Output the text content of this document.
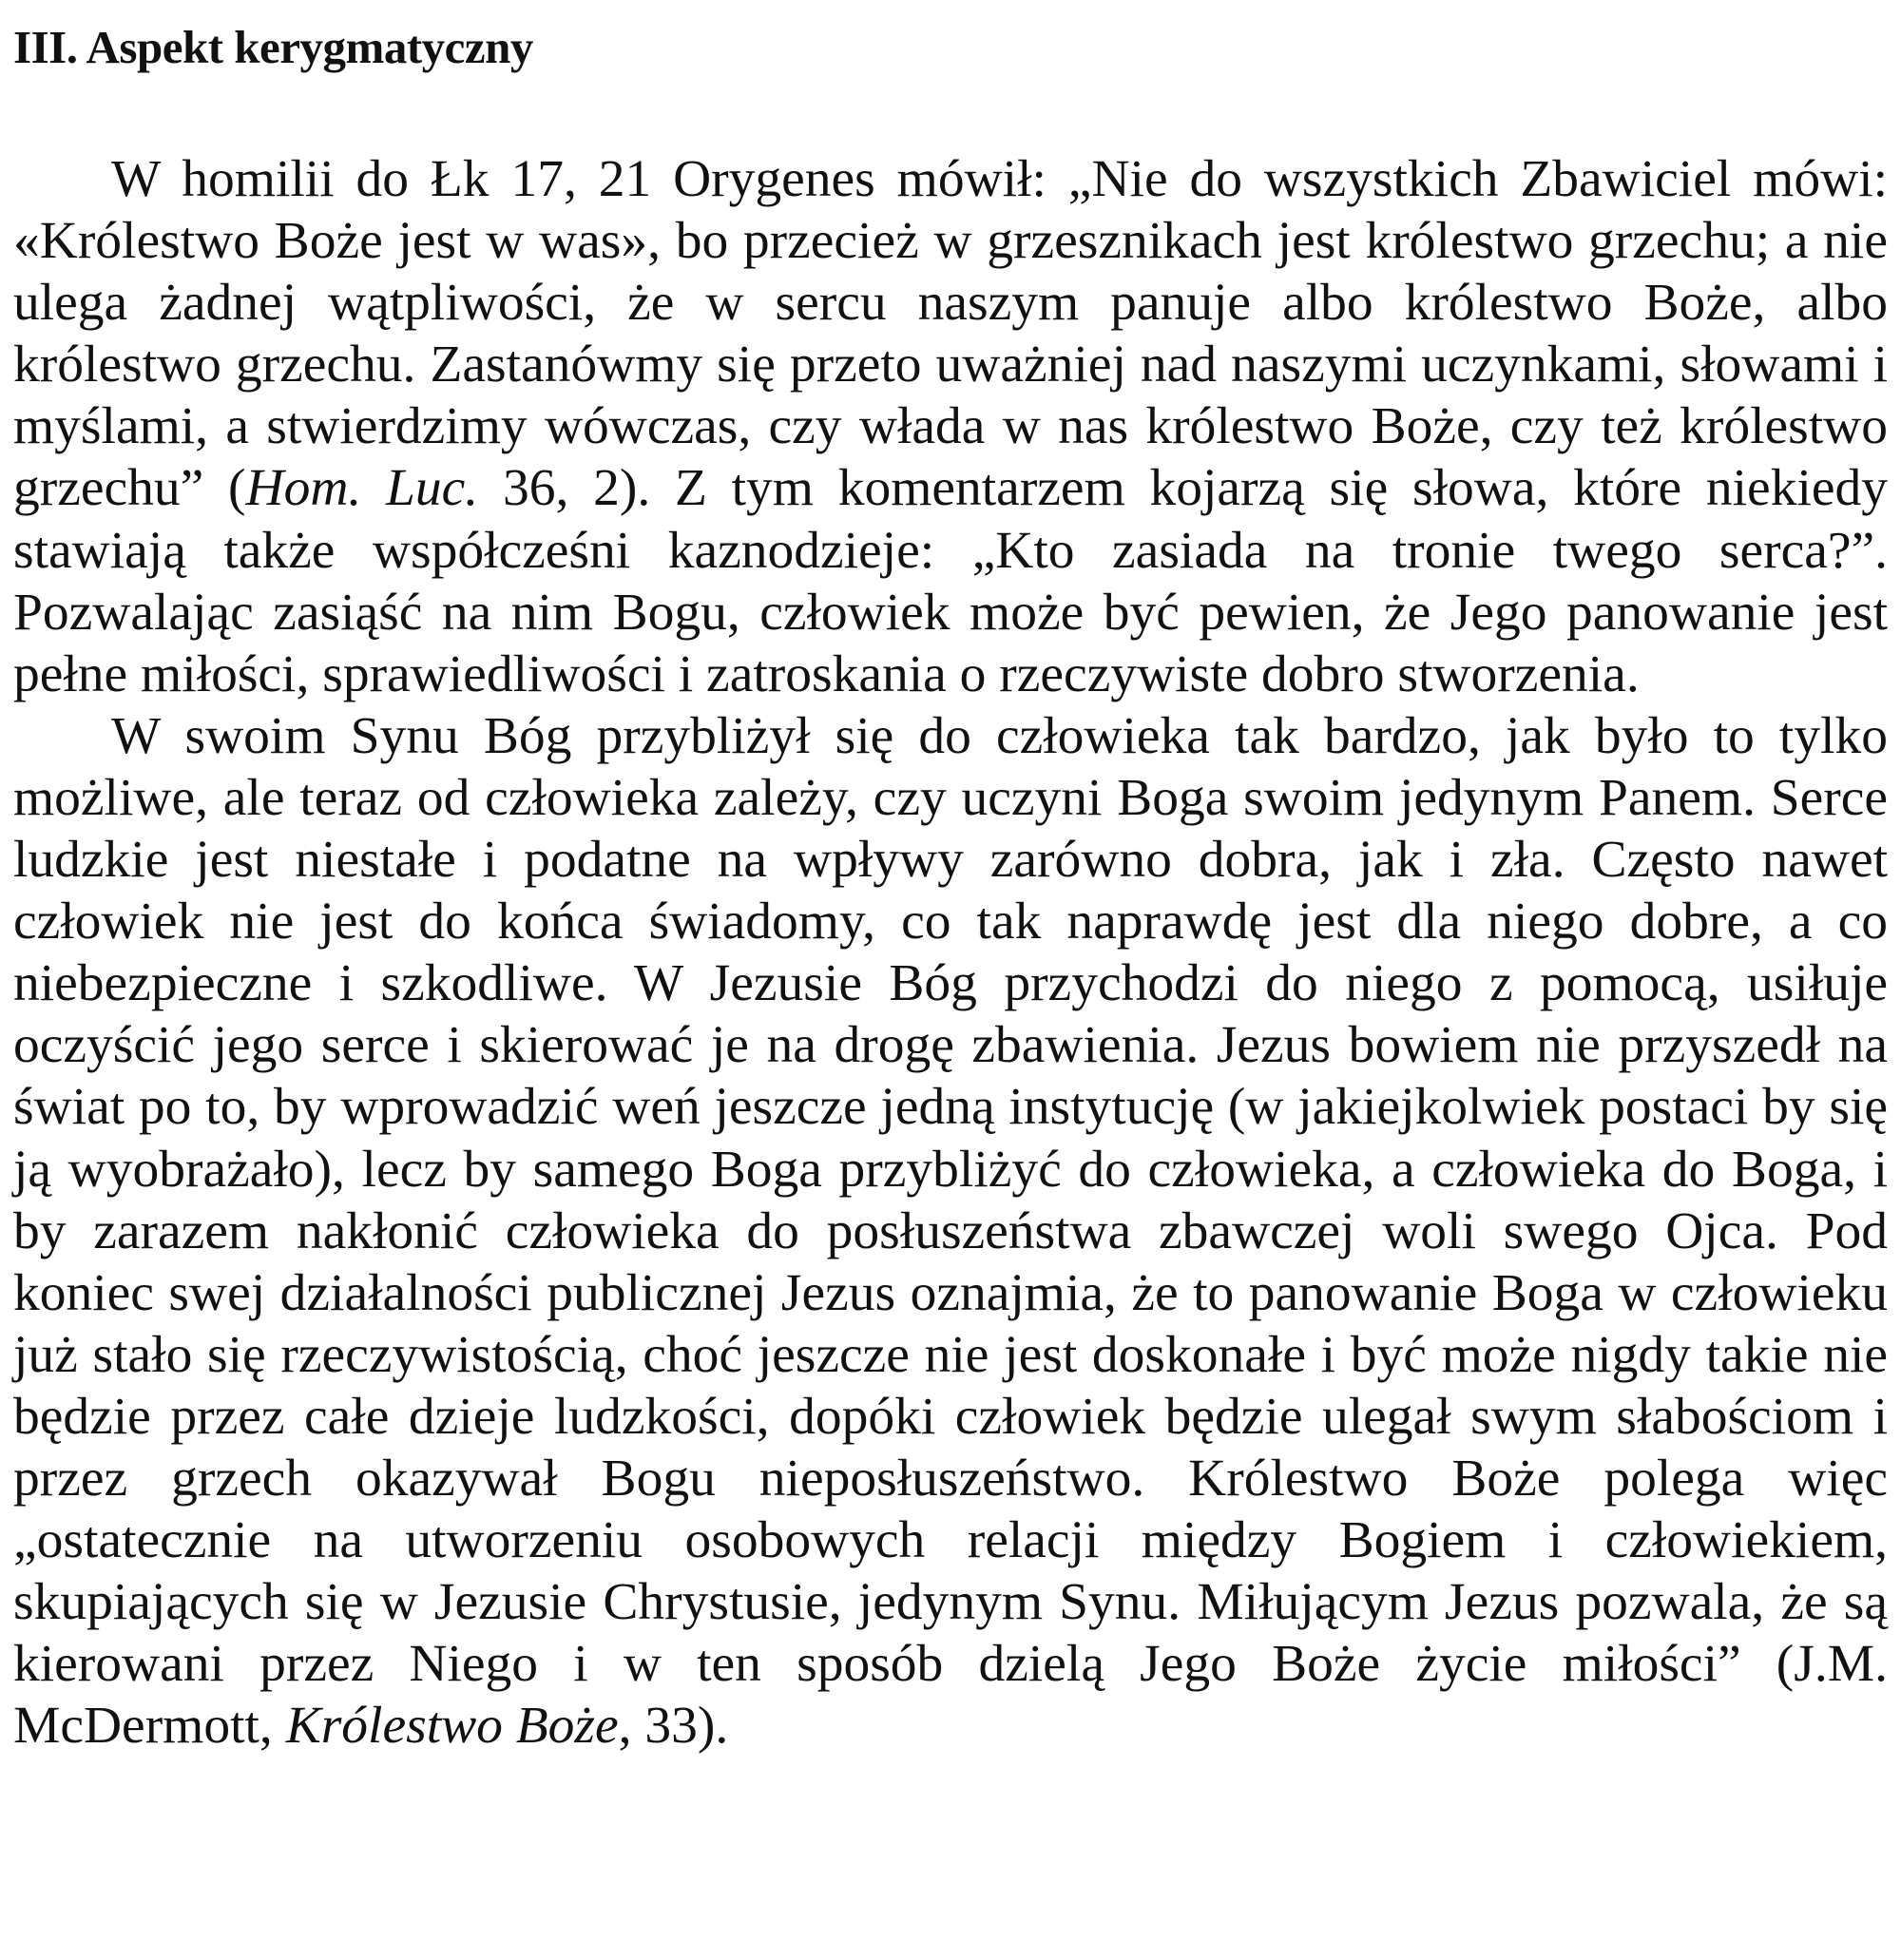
III. Aspekt kerygmatyczny

W homilii do Łk 17, 21 Orygenes mówił: „Nie do wszystkich Zbawiciel mówi: «Królestwo Boże jest w was», bo przecież w grzesznikach jest królestwo grzechu; a nie ulega żadnej wątpliwości, że w sercu naszym panuje albo królestwo Boże, albo królestwo grzechu. Zastanówmy się przeto uważniej nad naszymi uczynkami, słowami i myślami, a stwierdzimy wówczas, czy włada w nas królestwo Boże, czy też królestwo grzechu” (Hom. Luc. 36, 2). Z tym komentarzem kojarzą się słowa, które niekiedy stawiają także współcześni kaznodzieje: „Kto zasiada na tronie twego serca?”. Pozwalając zasiąść na nim Bogu, człowiek może być pewien, że Jego panowanie jest pełne miłości, sprawiedliwości i zatroskania o rzeczywiste dobro stworzenia.

W swoim Synu Bóg przybliżył się do człowieka tak bardzo, jak było to tylko możliwe, ale teraz od człowieka zależy, czy uczyni Boga swoim jedynym Panem. Serce ludzkie jest niestałe i podatne na wpływy zarówno dobra, jak i zła. Często nawet człowiek nie jest do końca świadomy, co tak naprawdę jest dla niego dobre, a co niebezpieczne i szkodliwe. W Jezusie Bóg przychodzi do niego z pomocą, usiłuje oczyścić jego serce i skierować je na drogę zbawienia. Jezus bowiem nie przyszedł na świat po to, by wprowadzić weń jeszcze jedną instytucję (w jakiejkolwiek postaci by się ją wyobrażało), lecz by samego Boga przybliżyć do człowieka, a człowieka do Boga, i by zarazem nakłonić człowieka do posłuszeństwa zbawczej woli swego Ojca. Pod koniec swej działalności publicznej Jezus oznajmia, że to panowanie Boga w człowieku już stało się rzeczywistością, choć jeszcze nie jest doskonałe i być może nigdy takie nie będzie przez całe dzieje ludzkości, dopóki człowiek będzie ulegał swym słabościom i przez grzech okazywał Bogu nieposłuszeństwo. Królestwo Boże polega więc „ostatecznie na utworzeniu osobowych relacji między Bogiem i człowiekiem, skupiających się w Jezusie Chrystusie, jedynym Synu. Miłującym Jezus pozwala, że są kierowani przez Niego i w ten sposób dzielą Jego Boże życie miłości” (J.M. McDermott, Królestwo Boże, 33).
